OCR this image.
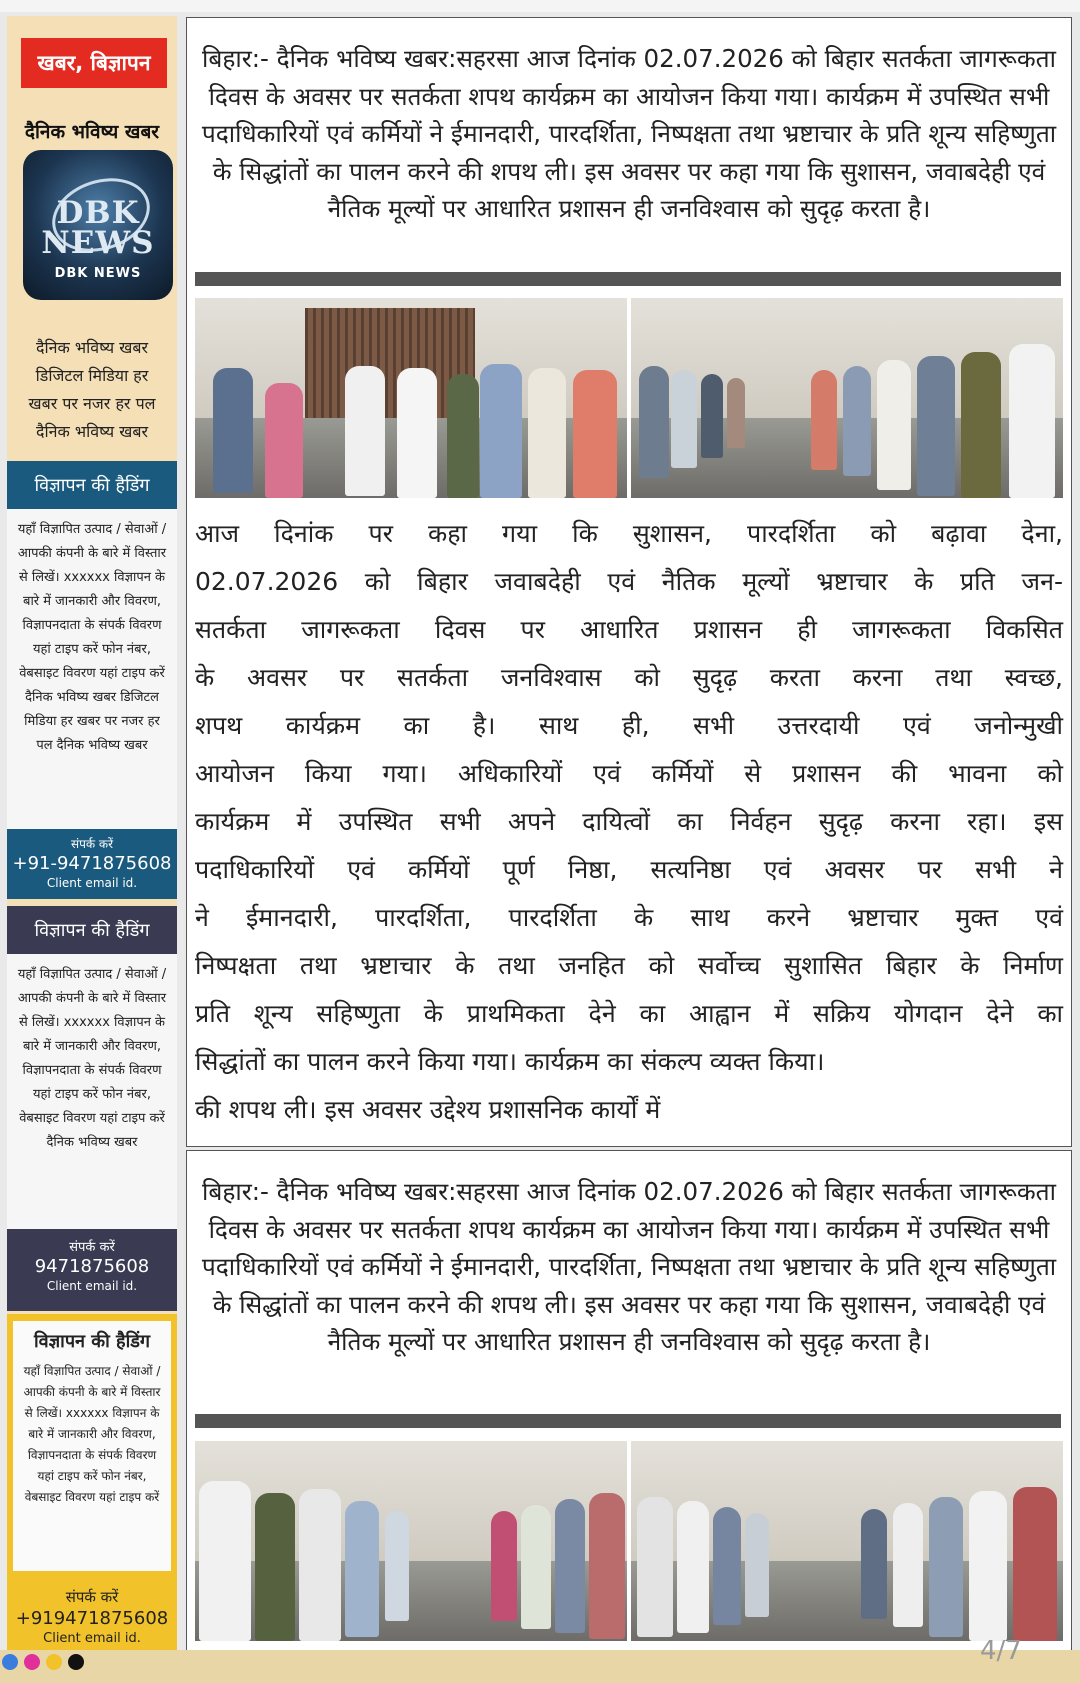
खबर, बिज्ञापन
दैनिक भविष्य खबर
DBK
NEWS
DBK NEWS
दैनिक भविष्य खबर
डिजिटल मिडिया हर
खबर पर नजर हर पल
दैनिक भविष्य खबर
विज्ञापन की हैडिंग
यहाँ विज्ञापित उत्पाद / सेवाओं / आपकी कंपनी के बारे में विस्तार से लिखें। xxxxxx विज्ञापन के बारे में जानकारी और विवरण, विज्ञापनदाता के संपर्क विवरण यहां टाइप करें फोन नंबर, वेबसाइट विवरण यहां टाइप करें दैनिक भविष्य खबर डिजिटल मिडिया हर खबर पर नजर हर पल दैनिक भविष्य खबर
संपर्क करें
+91-9471875608
Client email id.
विज्ञापन की हैडिंग
यहाँ विज्ञापित उत्पाद / सेवाओं / आपकी कंपनी के बारे में विस्तार से लिखें। xxxxxx विज्ञापन के बारे में जानकारी और विवरण, विज्ञापनदाता के संपर्क विवरण यहां टाइप करें फोन नंबर, वेबसाइट विवरण यहां टाइप करें दैनिक भविष्य खबर
संपर्क करें
9471875608
Client email id.
विज्ञापन की हैडिंग
यहाँ विज्ञापित उत्पाद / सेवाओं / आपकी कंपनी के बारे में विस्तार से लिखें। xxxxxx विज्ञापन के बारे में जानकारी और विवरण, विज्ञापनदाता के संपर्क विवरण यहां टाइप करें फोन नंबर, वेबसाइट विवरण यहां टाइप करें
संपर्क करें
+919471875608
Client email id.
बिहार:- दैनिक भविष्य खबर:सहरसा आज दिनांक 02.07.2026 को बिहार सतर्कता जागरूकता दिवस के अवसर पर सतर्कता शपथ कार्यक्रम का आयोजन किया गया। कार्यक्रम में उपस्थित सभी पदाधिकारियों एवं कर्मियों ने ईमानदारी, पारदर्शिता, निष्पक्षता तथा भ्रष्टाचार के प्रति शून्य सहिष्णुता के सिद्धांतों का पालन करने की शपथ ली। इस अवसर पर कहा गया कि सुशासन, जवाबदेही एवं नैतिक मूल्यों पर आधारित प्रशासन ही जनविश्वास को सुदृढ़ करता है।
आज दिनांक पर कहा गया कि सुशासन, पारदर्शिता को बढ़ावा देना,
02.07.2026 को बिहार जवाबदेही एवं नैतिक मूल्यों भ्रष्टाचार के प्रति जन-
सतर्कता जागरूकता दिवस पर आधारित प्रशासन ही जागरूकता विकसित
के अवसर पर सतर्कता जनविश्वास को सुदृढ़ करता करना तथा स्वच्छ,
शपथ कार्यक्रम का है। साथ ही, सभी उत्तरदायी एवं जनोन्मुखी
आयोजन किया गया। अधिकारियों एवं कर्मियों से प्रशासन की भावना को
कार्यक्रम में उपस्थित सभी अपने दायित्वों का निर्वहन सुदृढ़ करना रहा। इस
पदाधिकारियों एवं कर्मियों पूर्ण निष्ठा, सत्यनिष्ठा एवं अवसर पर सभी ने
ने ईमानदारी, पारदर्शिता, पारदर्शिता के साथ करने भ्रष्टाचार मुक्त एवं
निष्पक्षता तथा भ्रष्टाचार के तथा जनहित को सर्वोच्च सुशासित बिहार के निर्माण
प्रति शून्य सहिष्णुता के प्राथमिकता देने का आह्वान में सक्रिय योगदान देने का
सिद्धांतों का पालन करने किया गया। कार्यक्रम का संकल्प व्यक्त किया।
की शपथ ली। इस अवसर उद्देश्य प्रशासनिक कार्यों में
बिहार:- दैनिक भविष्य खबर:सहरसा आज दिनांक 02.07.2026 को बिहार सतर्कता जागरूकता दिवस के अवसर पर सतर्कता शपथ कार्यक्रम का आयोजन किया गया। कार्यक्रम में उपस्थित सभी पदाधिकारियों एवं कर्मियों ने ईमानदारी, पारदर्शिता, निष्पक्षता तथा भ्रष्टाचार के प्रति शून्य सहिष्णुता के सिद्धांतों का पालन करने की शपथ ली। इस अवसर पर कहा गया कि सुशासन, जवाबदेही एवं नैतिक मूल्यों पर आधारित प्रशासन ही जनविश्वास को सुदृढ़ करता है।
4/7
